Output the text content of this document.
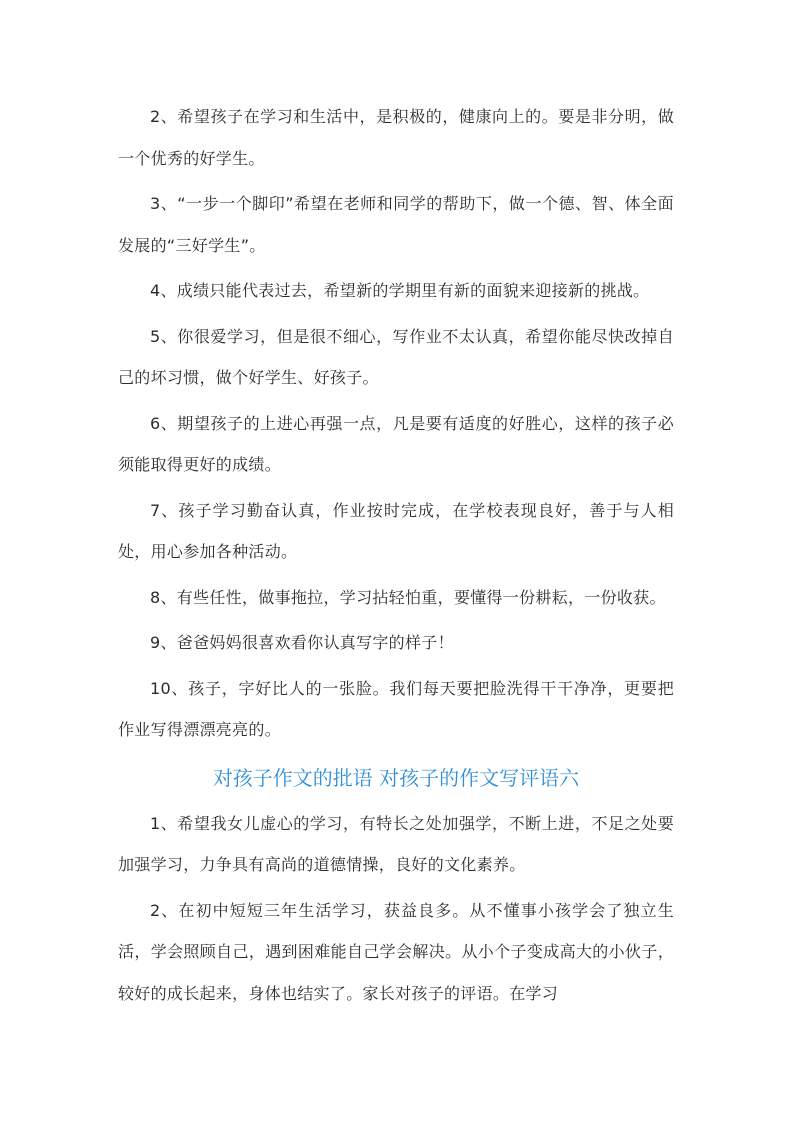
2、希望孩子在学习和生活中，是积极的，健康向上的。要是非分明，做一个优秀的好学生。

3、“一步一个脚印”希望在老师和同学的帮助下，做一个德、智、体全面发展的“三好学生”。

4、成绩只能代表过去，希望新的学期里有新的面貌来迎接新的挑战。

5、你很爱学习，但是很不细心，写作业不太认真，希望你能尽快改掉自己的坏习惯，做个好学生、好孩子。

6、期望孩子的上进心再强一点，凡是要有适度的好胜心，这样的孩子必须能取得更好的成绩。

7、孩子学习勤奋认真，作业按时完成，在学校表现良好，善于与人相处，用心参加各种活动。

8、有些任性，做事拖拉，学习拈轻怕重，要懂得一份耕耘，一份收获。

9、爸爸妈妈很喜欢看你认真写字的样子！

10、孩子，字好比人的一张脸。我们每天要把脸洗得干干净净，更要把作业写得漂漂亮亮的。

对孩子作文的批语 对孩子的作文写评语六

1、希望我女儿虚心的学习，有特长之处加强学，不断上进，不足之处要加强学习，力争具有高尚的道德情操，良好的文化素养。

2、在初中短短三年生活学习，获益良多。从不懂事小孩学会了独立生活，学会照顾自己，遇到困难能自己学会解决。从小个子变成高大的小伙子，较好的成长起来，身体也结实了。家长对孩子的评语。在学习
